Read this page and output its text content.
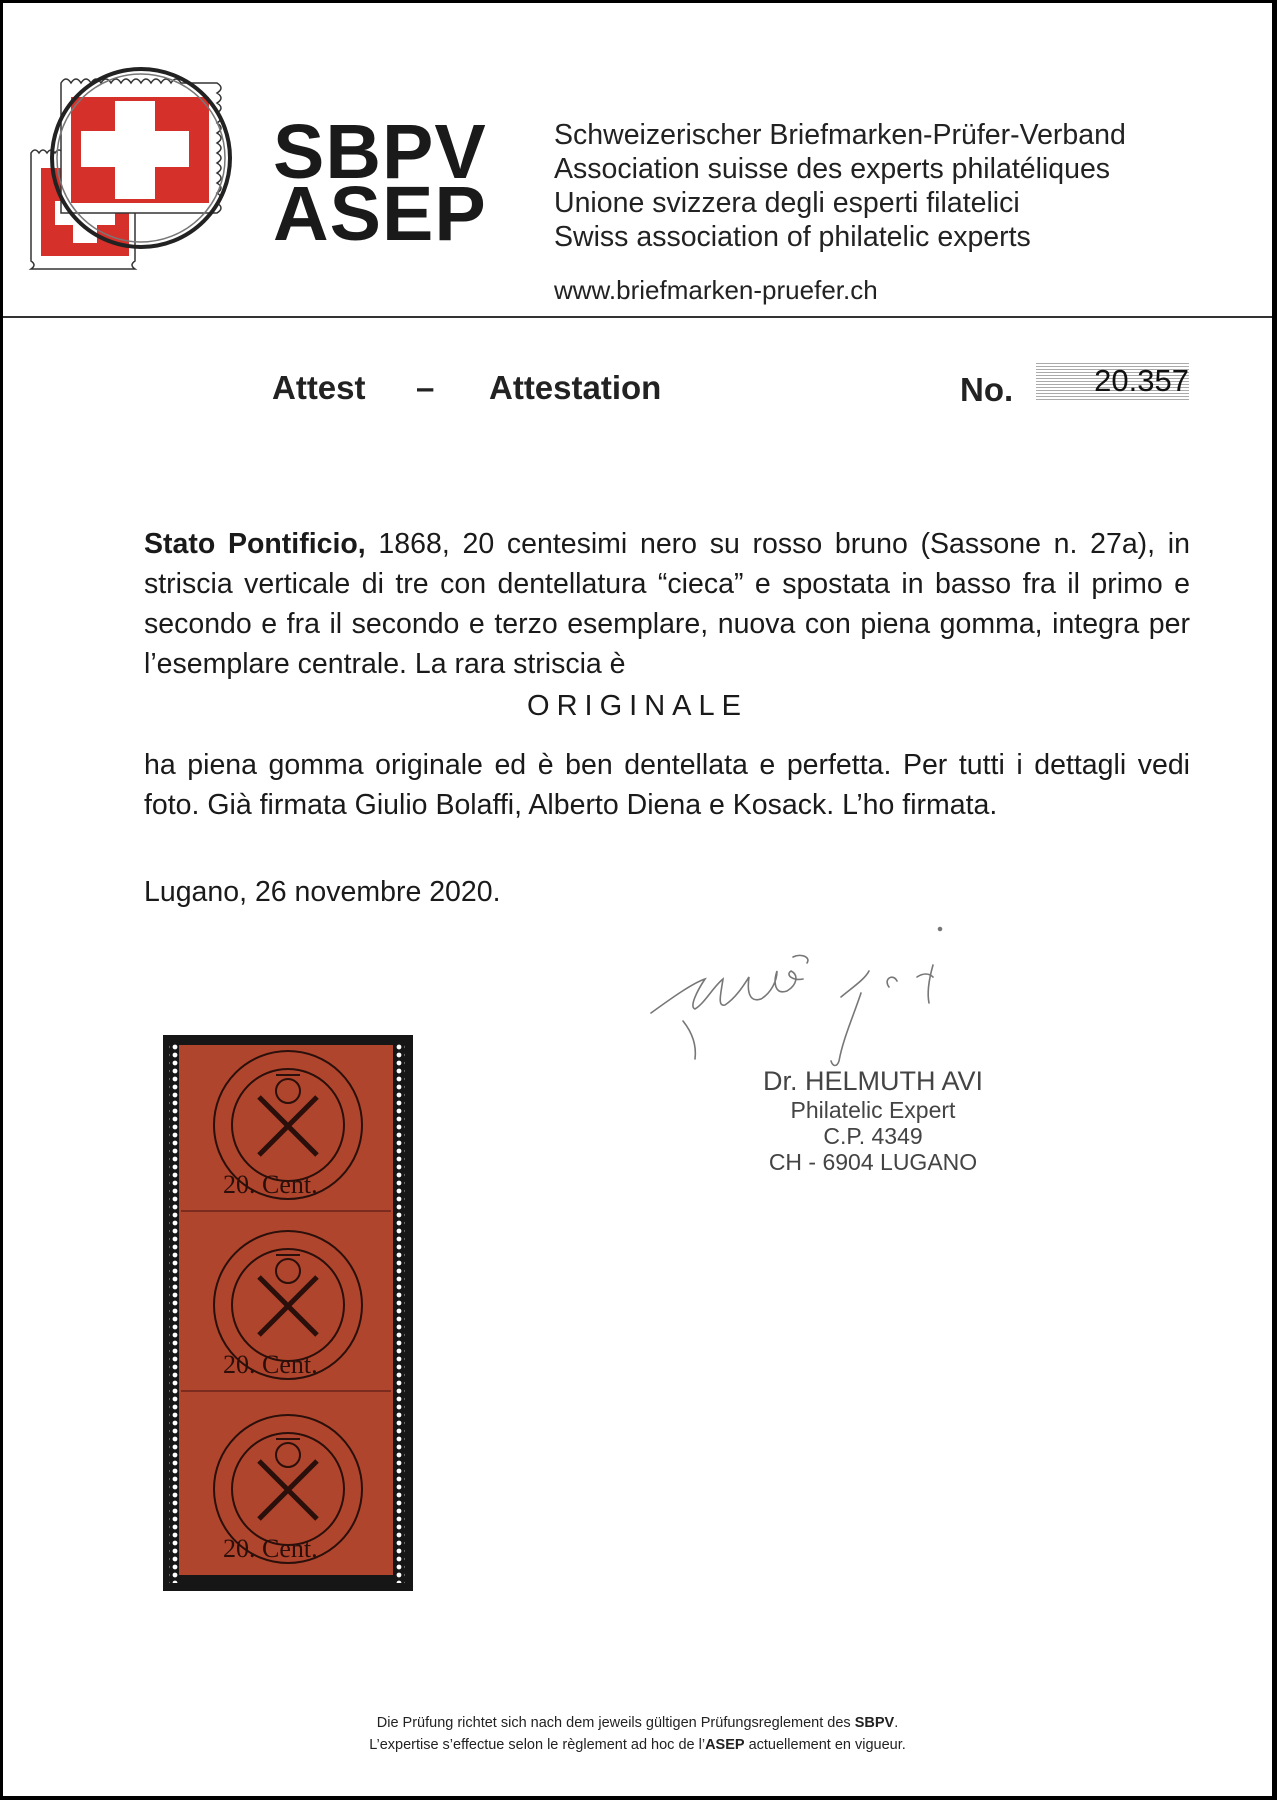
SBPV
ASEP
Schweizerischer Briefmarken-Prüfer-Verband
Association suisse des experts philatéliques
Unione svizzera degli esperti filatelici
Swiss association of philatelic experts
www.briefmarken-pruefer.ch
Attest – Attestation	No.	20.357
Stato Pontificio, 1868, 20 centesimi nero su rosso bruno (Sassone n. 27a), in striscia verticale di tre con dentellatura “cieca” e spostata in basso fra il primo e secondo e fra il secondo e terzo esemplare, nuova con piena gomma, integra per l’esemplare centrale. La rara striscia è
ORIGINALE
ha piena gomma originale ed è ben dentellata e perfetta. Per tutti i dettagli vedi foto. Già firmata Giulio Bolaffi, Alberto Diena e Kosack. L’ho firmata.
Lugano, 26 novembre 2020.
Dr. HELMUTH AVI
Philatelic Expert
C.P. 4349
CH - 6904 LUGANO
20. Cent.
20. Cent.
20. Cent.
Die Prüfung richtet sich nach dem jeweils gültigen Prüfungsreglement des SBPV.
L’expertise s’effectue selon le règlement ad hoc de l’ASEP actuellement en vigueur.
